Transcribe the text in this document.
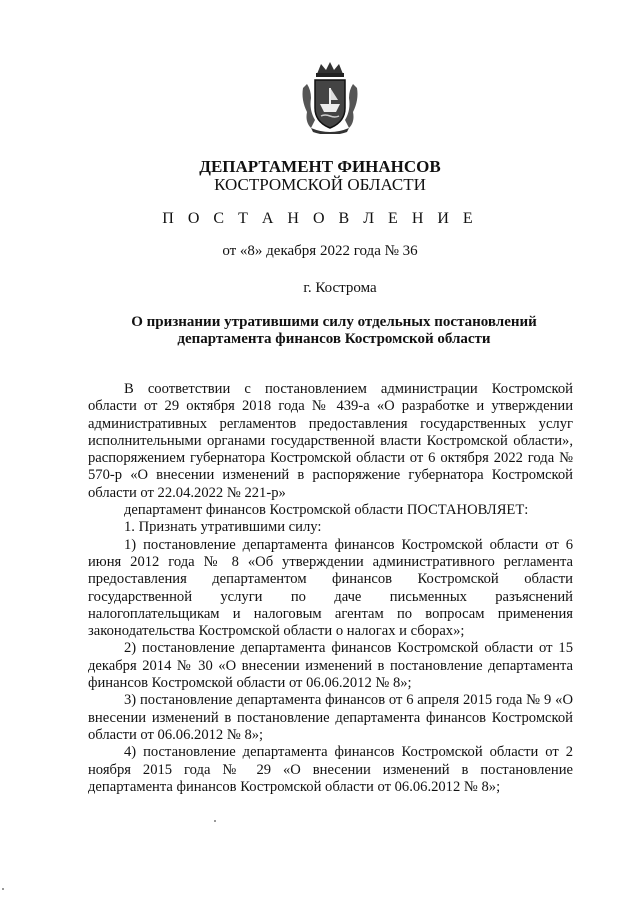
ДЕПАРТАМЕНТ ФИНАНСОВ
КОСТРОМСКОЙ ОБЛАСТИ
П О С Т А Н О В Л Е Н И Е
от «8» декабря 2022 года № 36
г. Кострома
О признании утратившими силу отдельных постановлений
департамента финансов Костромской области

В соответствии с постановлением администрации Костромской области от 29 октября 2018 года № 439-а «О разработке и утверждении административных регламентов предоставления государственных услуг исполнительными органами государственной власти Костромской области», распоряжением губернатора Костромской области от 6 октября 2022 года № 570-р «О внесении изменений в распоряжение губернатора Костромской области от 22.04.2022 № 221-р»

департамент финансов Костромской области ПОСТАНОВЛЯЕТ:

1. Признать утратившими силу:

1) постановление департамента финансов Костромской области от 6 июня 2012 года № 8 «Об утверждении административного регламента предоставления департаментом финансов Костромской области государственной услуги по даче письменных разъяснений налогоплательщикам и налоговым агентам по вопросам применения законодательства Костромской области о налогах и сборах»;

2) постановление департамента финансов Костромской области от 15 декабря 2014 № 30 «О внесении изменений в постановление департамента финансов Костромской области от 06.06.2012 № 8»;

3) постановление департамента финансов от 6 апреля 2015 года № 9 «О внесении изменений в постановление департамента финансов Костромской области от 06.06.2012 № 8»;

4) постановление департамента финансов Костромской области от 2 ноября 2015 года № 29 «О внесении изменений в постановление департамента финансов Костромской области от 06.06.2012 № 8»;
